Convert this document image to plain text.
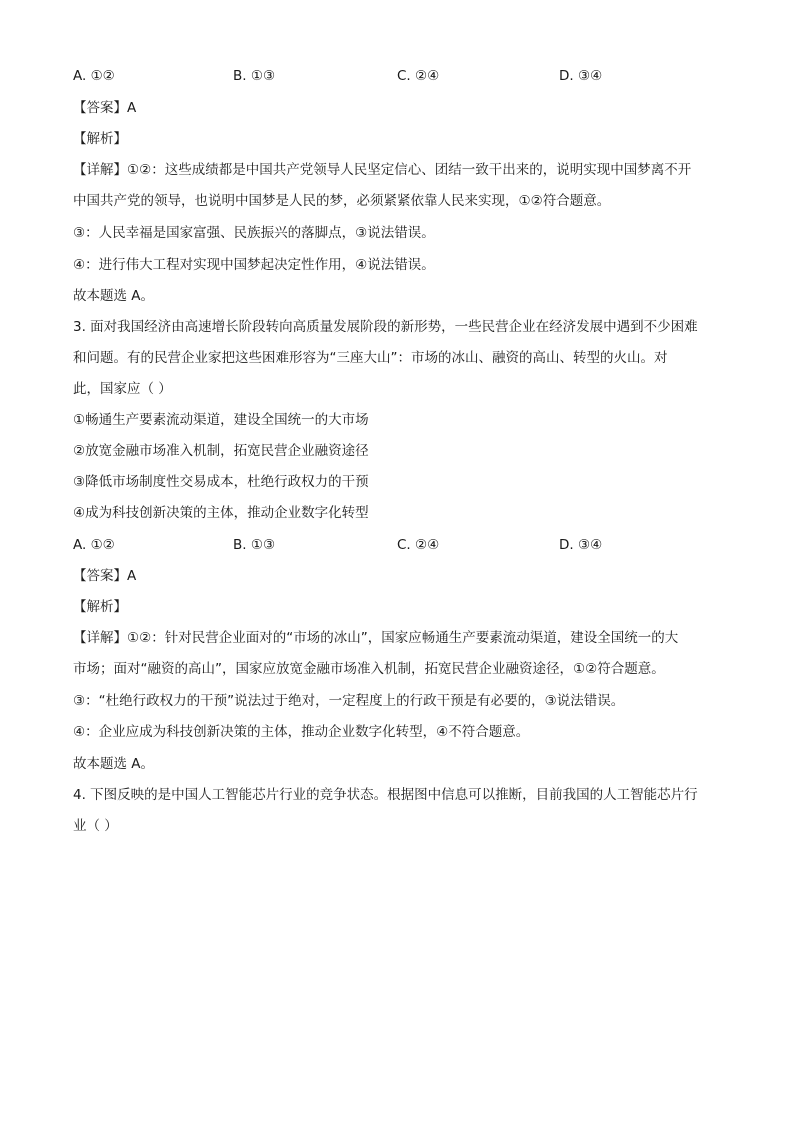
A. ①②	B. ①③	C. ②④	D. ③④
【答案】A
【解析】
【详解】①②：这些成绩都是中国共产党领导人民坚定信心、团结一致干出来的，说明实现中国梦离不开
中国共产党的领导，也说明中国梦是人民的梦，必须紧紧依靠人民来实现，①②符合题意。
③：人民幸福是国家富强、民族振兴的落脚点，③说法错误。
④：进行伟大工程对实现中国梦起决定性作用，④说法错误。
故本题选 A。
3. 面对我国经济由高速增长阶段转向高质量发展阶段的新形势，一些民营企业在经济发展中遇到不少困难
和问题。有的民营企业家把这些困难形容为“三座大山”：市场的冰山、融资的高山、转型的火山。对
此，国家应（ ）
①畅通生产要素流动渠道，建设全国统一的大市场
②放宽金融市场准入机制，拓宽民营企业融资途径
③降低市场制度性交易成本，杜绝行政权力的干预
④成为科技创新决策的主体，推动企业数字化转型
A. ①②	B. ①③	C. ②④	D. ③④
【答案】A
【解析】
【详解】①②：针对民营企业面对的“市场的冰山”，国家应畅通生产要素流动渠道，建设全国统一的大
市场；面对“融资的高山”，国家应放宽金融市场准入机制，拓宽民营企业融资途径，①②符合题意。
③：“杜绝行政权力的干预”说法过于绝对，一定程度上的行政干预是有必要的，③说法错误。
④：企业应成为科技创新决策的主体，推动企业数字化转型，④不符合题意。
故本题选 A。
4. 下图反映的是中国人工智能芯片行业的竞争状态。根据图中信息可以推断，目前我国的人工智能芯片行
业（ ）
